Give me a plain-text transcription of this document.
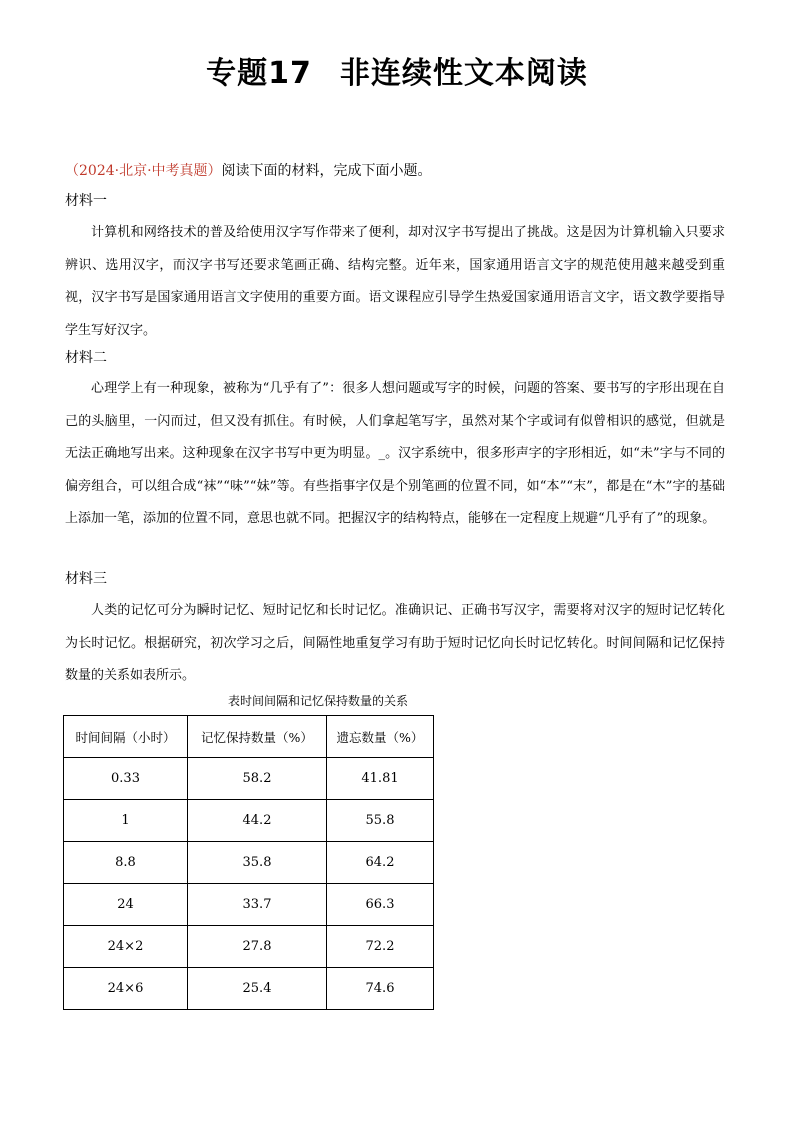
专题17 非连续性文本阅读
（2024·北京·中考真题）阅读下面的材料，完成下面小题。
材料一
计算机和网络技术的普及给使用汉字写作带来了便利，却对汉字书写提出了挑战。这是因为计算机输入只要求辨识、选用汉字，而汉字书写还要求笔画正确、结构完整。近年来，国家通用语言文字的规范使用越来越受到重视，汉字书写是国家通用语言文字使用的重要方面。语文课程应引导学生热爱国家通用语言文字，语文教学要指导学生写好汉字。
材料二
心理学上有一种现象，被称为“几乎有了”：很多人想问题或写字的时候，问题的答案、要书写的字形出现在自己的头脑里，一闪而过，但又没有抓住。有时候，人们拿起笔写字，虽然对某个字或词有似曾相识的感觉，但就是无法正确地写出来。这种现象在汉字书写中更为明显。_。汉字系统中，很多形声字的字形相近，如“未”字与不同的偏旁组合，可以组合成“袜”“味”“妹”等。有些指事字仅是个别笔画的位置不同，如“本”“末”，都是在“木”字的基础上添加一笔，添加的位置不同，意思也就不同。把握汉字的结构特点，能够在一定程度上规避“几乎有了”的现象。
材料三
人类的记忆可分为瞬时记忆、短时记忆和长时记忆。准确识记、正确书写汉字，需要将对汉字的短时记忆转化为长时记忆。根据研究，初次学习之后，间隔性地重复学习有助于短时记忆向长时记忆转化。时间间隔和记忆保持数量的关系如表所示。
表时间间隔和记忆保持数量的关系
时间间隔（小时）	记忆保持数量（%）	遗忘数量（%）
0.33	58.2	41.81
1	44.2	55.8
8.8	35.8	64.2
24	33.7	66.3
24×2	27.8	72.2
24×6	25.4	74.6
